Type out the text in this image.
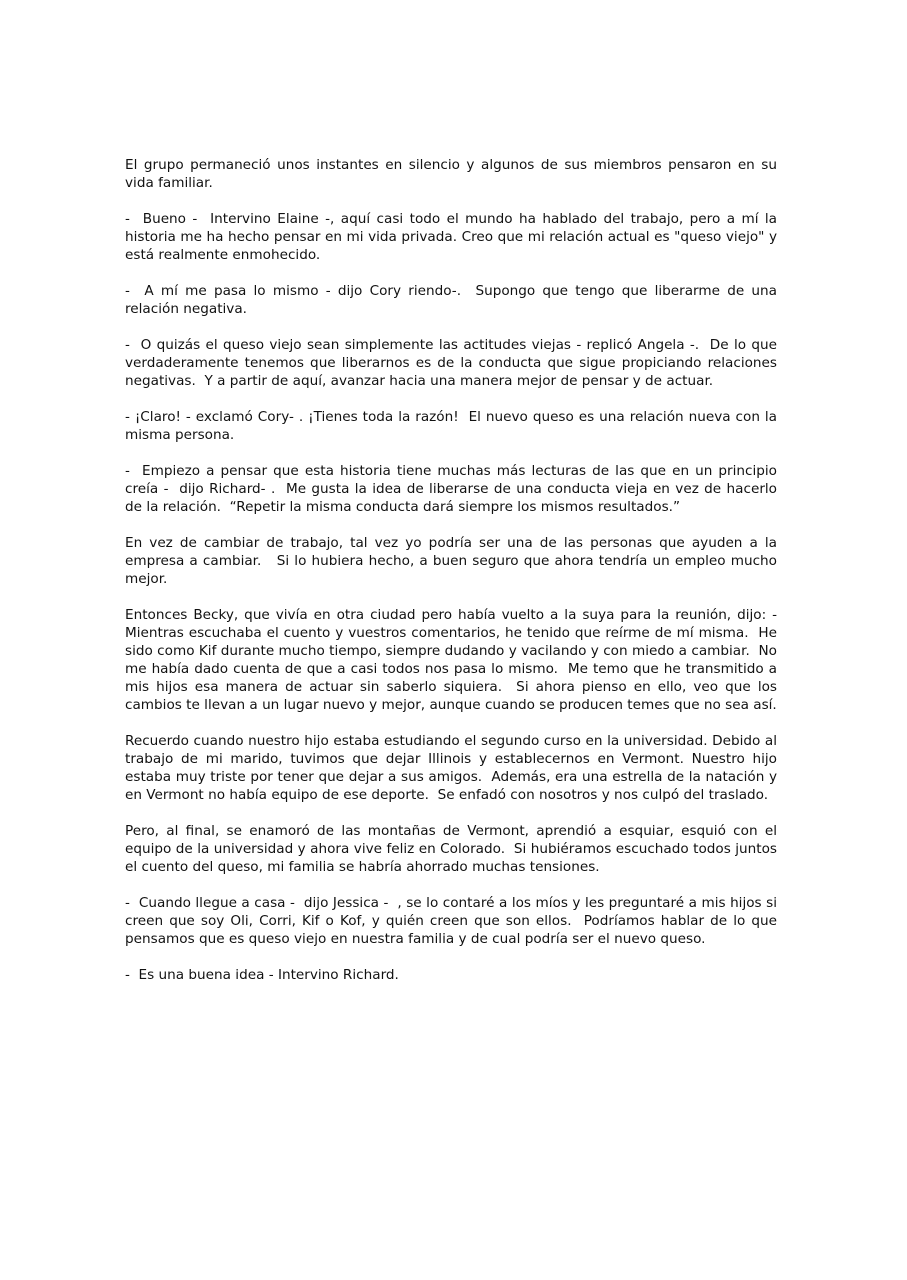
El grupo permaneció unos instantes en silencio y algunos de sus miembros pensaron en su vida familiar.

-  Bueno -  Intervino Elaine -, aquí casi todo el mundo ha hablado del trabajo, pero a mí la historia me ha hecho pensar en mi vida privada. Creo que mi relación actual es "queso viejo" y está realmente enmohecido.

-  A mí me pasa lo mismo - dijo Cory riendo-.  Supongo que tengo que liberarme de una relación negativa.

-  O quizás el queso viejo sean simplemente las actitudes viejas - replicó Angela -.  De lo que verdaderamente tenemos que liberarnos es de la conducta que sigue propiciando relaciones negativas.  Y a partir de aquí, avanzar hacia una manera mejor de pensar y de actuar.

- ¡Claro! - exclamó Cory- . ¡Tienes toda la razón!  El nuevo queso es una relación nueva con la misma persona.

-  Empiezo a pensar que esta historia tiene muchas más lecturas de las que en un principio creía -  dijo Richard- .  Me gusta la idea de liberarse de una conducta vieja en vez de hacerlo de la relación.  “Repetir la misma conducta dará siempre los mismos resultados.”

En vez de cambiar de trabajo, tal vez yo podría ser una de las personas que ayuden a la empresa a cambiar.   Si lo hubiera hecho, a buen seguro que ahora tendría un empleo mucho mejor.

Entonces Becky, que vivía en otra ciudad pero había vuelto a la suya para la reunión, dijo: - Mientras escuchaba el cuento y vuestros comentarios, he tenido que reírme de mí misma.  He sido como Kif durante mucho tiempo, siempre dudando y vacilando y con miedo a cambiar.  No me había dado cuenta de que a casi todos nos pasa lo mismo.  Me temo que he transmitido a mis hijos esa manera de actuar sin saberlo siquiera.  Si ahora pienso en ello, veo que los cambios te llevan a un lugar nuevo y mejor, aunque cuando se producen temes que no sea así.

Recuerdo cuando nuestro hijo estaba estudiando el segundo curso en la universidad. Debido al trabajo de mi marido, tuvimos que dejar Illinois y establecernos en Vermont. Nuestro hijo estaba muy triste por tener que dejar a sus amigos.  Además, era una estrella de la natación y en Vermont no había equipo de ese deporte.  Se enfadó con nosotros y nos culpó del traslado.

Pero, al final, se enamoró de las montañas de Vermont, aprendió a esquiar, esquió con el equipo de la universidad y ahora vive feliz en Colorado.  Si hubiéramos escuchado todos juntos el cuento del queso, mi familia se habría ahorrado muchas tensiones.

-  Cuando llegue a casa -  dijo Jessica -  , se lo contaré a los míos y les preguntaré a mis hijos si creen que soy Oli, Corri, Kif o Kof, y quién creen que son ellos.  Podríamos hablar de lo que pensamos que es queso viejo en nuestra familia y de cual podría ser el nuevo queso.

-  Es una buena idea - Intervino Richard.
